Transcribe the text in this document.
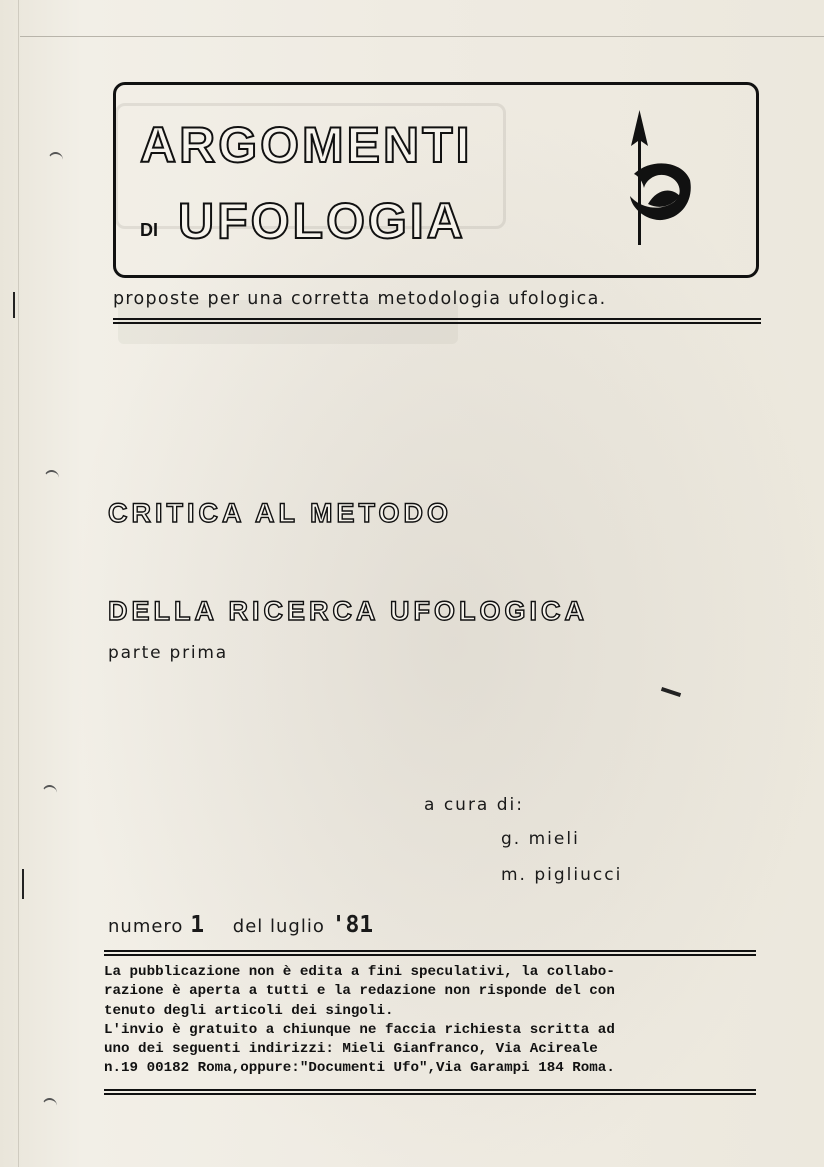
ARGOMENTI
DI UFOLOGIA
proposte per una corretta metodologia ufologica.
CRITICA AL METODO
DELLA RICERCA UFOLOGICA
parte prima
a cura di:
g. mieli
m. pigliucci
numero 1 del luglio '81
La pubblicazione non è edita a fini speculativi, la collabo-
razione è aperta a tutti e la redazione non risponde del con
tenuto degli articoli dei singoli.
L'invio è gratuito a chiunque ne faccia richiesta scritta ad
uno dei seguenti indirizzi: Mieli Gianfranco, Via Acireale
n.19 00182 Roma,oppure:"Documenti Ufo",Via Garampi 184 Roma.
